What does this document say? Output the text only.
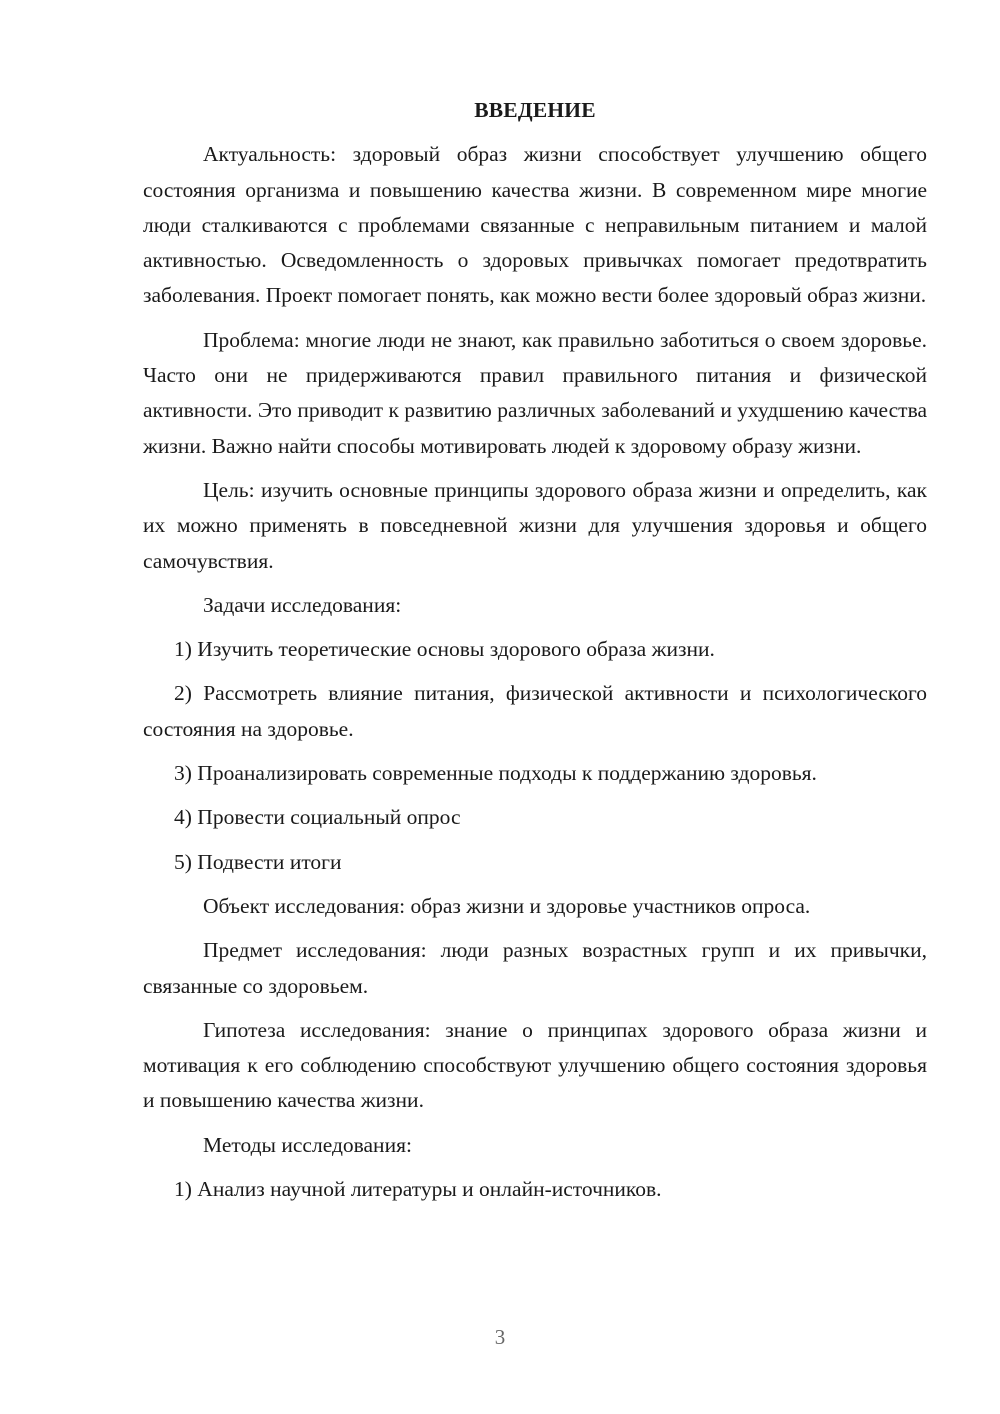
ВВЕДЕНИЕ

Актуальность: здоровый образ жизни способствует улучшению общего состояния организма и повышению качества жизни. В современном мире многие люди сталкиваются с проблемами связанные с неправильным питанием и малой активностью. Осведомленность о здоровых привычках помогает предотвратить заболевания. Проект помогает понять, как можно вести более здоровый образ жизни.

Проблема: многие люди не знают, как правильно заботиться о своем здоровье. Часто они не придерживаются правил правильного питания и физической активности. Это приводит к развитию различных заболеваний и ухудшению качества жизни. Важно найти способы мотивировать людей к здоровому образу жизни.

Цель: изучить основные принципы здорового образа жизни и определить, как их можно применять в повседневной жизни для улучшения здоровья и общего самочувствия.

Задачи исследования:

1) Изучить теоретические основы здорового образа жизни.

2) Рассмотреть влияние питания, физической активности и психологического состояния на здоровье.

3) Проанализировать современные подходы к поддержанию здоровья.

4) Провести социальный опрос

5) Подвести итоги

Объект исследования: образ жизни и здоровье участников опроса.

Предмет исследования: люди разных возрастных групп и их привычки, связанные со здоровьем.

Гипотеза исследования: знание о принципах здорового образа жизни и мотивация к его соблюдению способствуют улучшению общего состояния здоровья и повышению качества жизни.

Методы исследования:

1) Анализ научной литературы и онлайн-источников.

3
